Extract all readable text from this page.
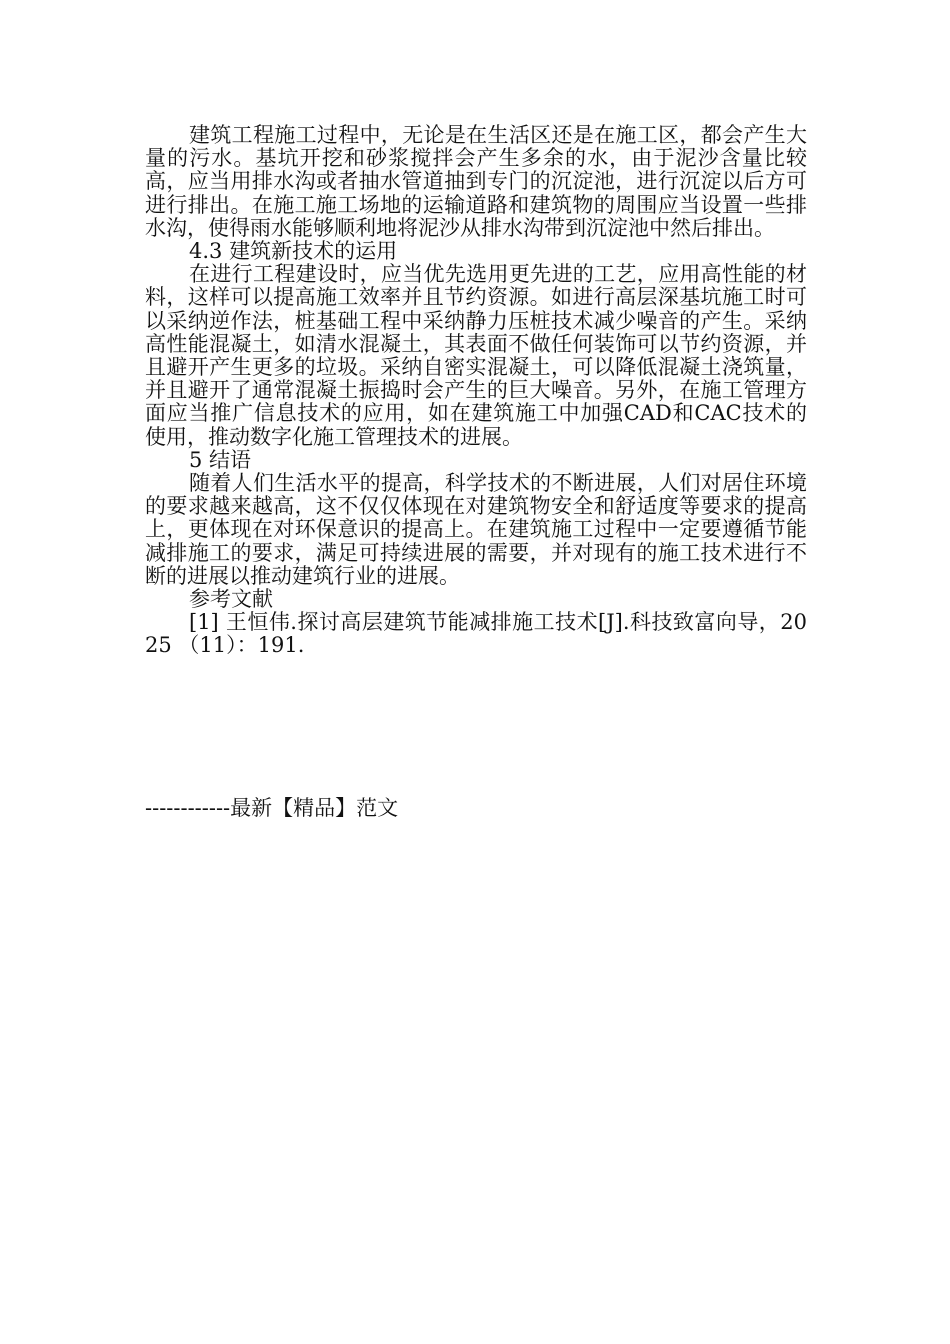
建筑工程施工过程中，无论是在生活区还是在施工区，都会产生大量的污水。基坑开挖和砂浆搅拌会产生多余的水，由于泥沙含量比较高，应当用排水沟或者抽水管道抽到专门的沉淀池，进行沉淀以后方可进行排出。在施工施工场地的运输道路和建筑物的周围应当设置一些排水沟，使得雨水能够顺利地将泥沙从排水沟带到沉淀池中然后排出。

4.3 建筑新技术的运用

在进行工程建设时，应当优先选用更先进的工艺，应用高性能的材料，这样可以提高施工效率并且节约资源。如进行高层深基坑施工时可以采纳逆作法，桩基础工程中采纳静力压桩技术减少噪音的产生。采纳高性能混凝土，如清水混凝土，其表面不做任何装饰可以节约资源，并且避开产生更多的垃圾。采纳自密实混凝土，可以降低混凝土浇筑量，并且避开了通常混凝土振捣时会产生的巨大噪音。另外，在施工管理方面应当推广信息技术的应用，如在建筑施工中加强CAD和CAC技术的使用，推动数字化施工管理技术的进展。

5 结语

随着人们生活水平的提高，科学技术的不断进展，人们对居住环境的要求越来越高，这不仅仅体现在对建筑物安全和舒适度等要求的提高上，更体现在对环保意识的提高上。在建筑施工过程中一定要遵循节能减排施工的要求，满足可持续进展的需要，并对现有的施工技术进行不断的进展以推动建筑行业的进展。

参考文献

[1] 王恒伟.探讨高层建筑节能减排施工技术[J].科技致富向导，2025 （11）：191.

------------最新【精品】范文
